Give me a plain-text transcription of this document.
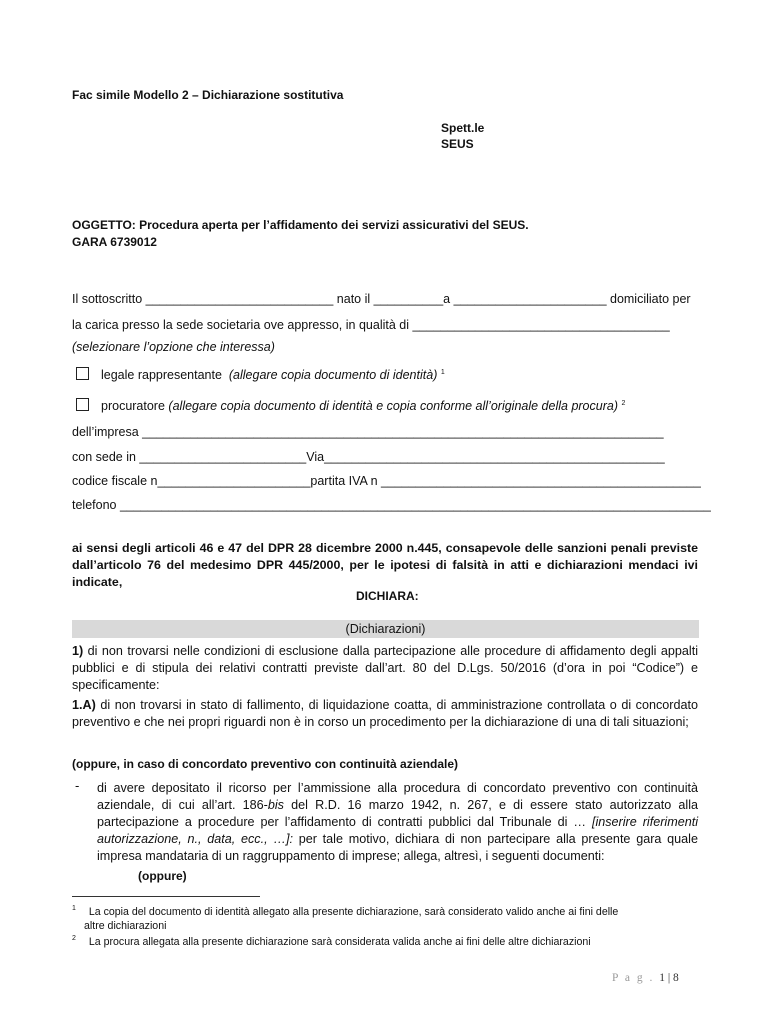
Fac simile Modello 2 – Dichiarazione sostitutiva
Spett.le
SEUS
OGGETTO: Procedura aperta per l’affidamento dei servizi assicurativi del SEUS.
GARA 6739012
Il sottoscritto ___________________________ nato il __________a ______________________ domiciliato per
la carica presso la sede societaria ove appresso, in qualità di _____________________________________
(selezionare l’opzione che interessa)
legale rappresentante (allegare copia documento di identità) $^1$
procuratore (allegare copia documento di identità e copia conforme all’originale della procura) $^2$
dell’impresa ___________________________________________________________________________
con sede in ________________________Via_________________________________________________
codice fiscale n______________________partita IVA n ______________________________________________
telefono _____________________________________________________________________________________
ai sensi degli articoli 46 e 47 del DPR 28 dicembre 2000 n.445, consapevole delle sanzioni penali previste dall’articolo 76 del medesimo DPR 445/2000, per le ipotesi di falsità in atti e dichiarazioni mendaci ivi indicate,
DICHIARA:
(Dichiarazioni)
1) di non trovarsi nelle condizioni di esclusione dalla partecipazione alle procedure di affidamento degli appalti pubblici e di stipula dei relativi contratti previste dall’art. 80 del D.Lgs. 50/2016 (d’ora in poi “Codice”) e specificamente:
1.A) di non trovarsi in stato di fallimento, di liquidazione coatta, di amministrazione controllata o di concordato preventivo e che nei propri riguardi non è in corso un procedimento per la dichiarazione di una di tali situazioni;
(oppure, in caso di concordato preventivo con continuità aziendale)
- di avere depositato il ricorso per l’ammissione alla procedura di concordato preventivo con continuità aziendale, di cui all’art. 186-bis del R.D. 16 marzo 1942, n. 267, e di essere stato autorizzato alla partecipazione a procedure per l’affidamento di contratti pubblici dal Tribunale di … [inserire riferimenti autorizzazione, n., data, ecc., …]: per tale motivo, dichiara di non partecipare alla presente gara quale impresa mandataria di un raggruppamento di imprese; allega, altresì, i seguenti documenti:
(oppure)
$^1$ La copia del documento di identità allegato alla presente dichiarazione, sarà considerato valido anche ai fini delle
altre dichiarazioni
$^2$ La procura allegata alla presente dichiarazione sarà considerata valida anche ai fini delle altre dichiarazioni
P a g . 1 | 8
